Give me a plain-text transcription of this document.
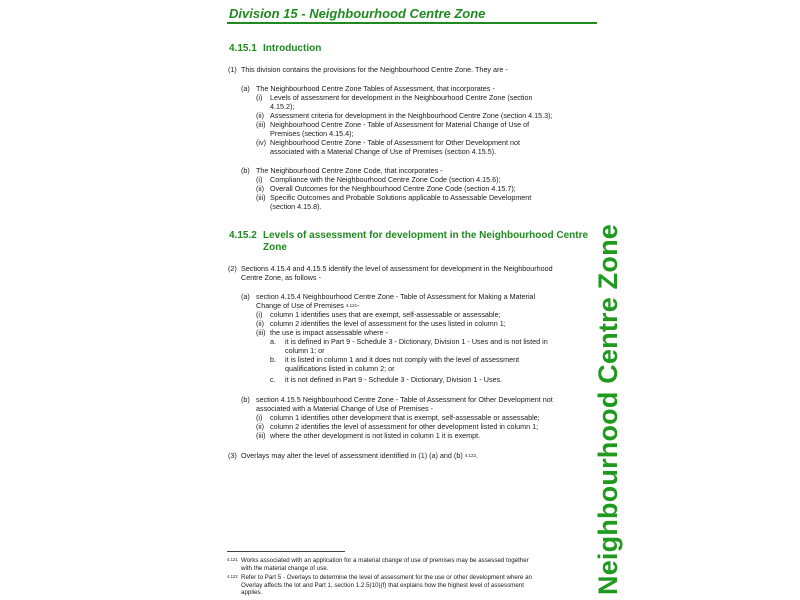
Division 15 - Neighbourhood Centre Zone
4.15.1 Introduction
(1) This division contains the provisions for the Neighbourhood Centre Zone. They are -
(a) The Neighbourhood Centre Zone Tables of Assessment, that incorporates -
(i) Levels of assessment for development in the Neighbourhood Centre Zone (section
4.15.2);
(ii) Assessment criteria for development in the Neighbourhood Centre Zone (section 4.15.3);
(iii) Neighbourhood Centre Zone - Table of Assessment for Material Change of Use of
Premises (section 4.15.4);
(iv) Neighbourhood Centre Zone - Table of Assessment for Other Development not
associated with a Material Change of Use of Premises (section 4.15.5).
(b) The Neighbourhood Centre Zone Code, that incorporates -
(i) Compliance with the Neighbourhood Centre Zone Code (section 4.15.6);
(ii) Overall Outcomes for the Neighbourhood Centre Zone Code (section 4.15.7);
(iii) Specific Outcomes and Probable Solutions applicable to Assessable Development
(section 4.15.8).
4.15.2 Levels of assessment for development in the Neighbourhood Centre
Zone
(2) Sections 4.15.4 and 4.15.5 identify the level of assessment for development in the Neighbourhood
Centre Zone, as follows -
(a) section 4.15.4 Neighbourhood Centre Zone - Table of Assessment for Making a Material
Change of Use of Premises $^{4.121}$-
(i) column 1 identifies uses that are exempt, self-assessable or assessable;
(ii) column 2 identifies the level of assessment for the uses listed in column 1;
(iii) the use is impact assessable where -
a. it is defined in Part 9 - Schedule 3 - Dictionary, Division 1 - Uses and is not listed in
column 1; or
b. it is listed in column 1 and it does not comply with the level of assessment
qualifications listed in column 2; or
c. it is not defined in Part 9 - Schedule 3 - Dictionary, Division 1 - Uses.
(b) section 4.15.5 Neighbourhood Centre Zone - Table of Assessment for Other Development not
associated with a Material Change of Use of Premises -
(i) column 1 identifies other development that is exempt, self-assessable or assessable;
(ii) column 2 identifies the level of assessment for other development listed in column 1;
(iii) where the other development is not listed in column 1 it is exempt.
(3) Overlays may alter the level of assessment identified in (1) (a) and (b) $^{4.122}$.
4.121 Works associated with an application for a material change of use of premises may be assessed together
with the material change of use.
4.122 Refer to Part 5 - Overlays to determine the level of assessment for the use or other development where an
Overlay affects the lot and Part 1, section 1.2.5(10)(f) that explains how the highest level of assessment
applies.	Neighbourhood Centre Zone
